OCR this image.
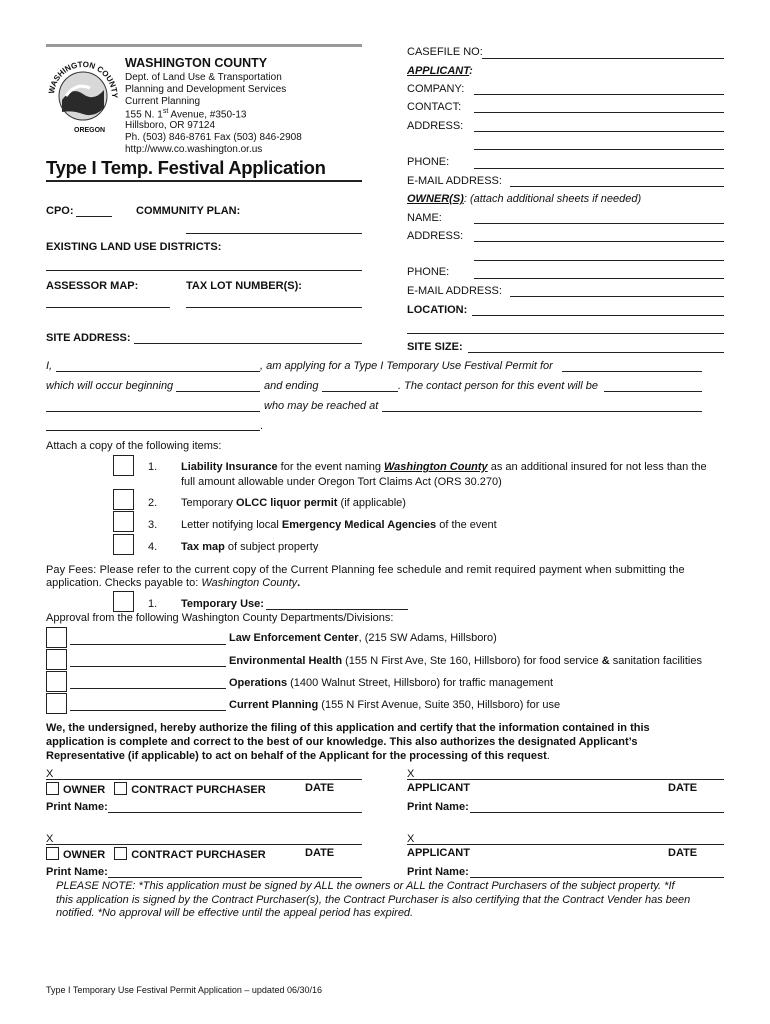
WASHINGTON COUNTY
OREGON
WASHINGTON COUNTY
Dept. of Land Use & Transportation
Planning and Development Services
Current Planning
155 N. 1st Avenue, #350-13
Hillsboro, OR 97124
Ph. (503) 846-8761 Fax (503) 846-2908
http://www.co.washington.or.us
Type I Temp. Festival Application
CPO:	COMMUNITY PLAN:
EXISTING LAND USE DISTRICTS:
ASSESSOR MAP:	TAX LOT NUMBER(S):
SITE ADDRESS:
CASEFILE NO:
APPLICANT:
COMPANY:
CONTACT:
ADDRESS:
PHONE:
E-MAIL ADDRESS:
OWNER(S): (attach additional sheets if needed)
NAME:
ADDRESS:
PHONE:
E-MAIL ADDRESS:
LOCATION:
SITE SIZE:
I,	, am applying for a Type I Temporary Use Festival Permit for
which will occur beginning	and ending	. The contact person for this event will be
who may be reached at
.
Attach a copy of the following items:
1. Liability Insurance for the event naming Washington County as an additional insured for not less than the
full amount allowable under Oregon Tort Claims Act (ORS 30.270)
2. Temporary OLCC liquor permit (if applicable)
3. Letter notifying local Emergency Medical Agencies of the event
4. Tax map of subject property
Pay Fees: Please refer to the current copy of the Current Planning fee schedule and remit required payment when submitting the
application. Checks payable to: Washington County.
1. Temporary Use:
Approval from the following Washington County Departments/Divisions:
Law Enforcement Center, (215 SW Adams, Hillsboro)
Environmental Health (155 N First Ave, Ste 160, Hillsboro) for food service & sanitation facilities
Operations (1400 Walnut Street, Hillsboro) for traffic management
Current Planning (155 N First Avenue, Suite 350, Hillsboro) for use
We, the undersigned, hereby authorize the filing of this application and certify that the information contained in this
application is complete and correct to the best of our knowledge. This also authorizes the designated Applicant’s
Representative (if applicable) to act on behalf of the Applicant for the processing of this request.
X
OWNER CONTRACT PURCHASER	DATE
Print Name:
X
APPLICANT	DATE
Print Name:
X
OWNER CONTRACT PURCHASER	DATE
Print Name:
X
APPLICANT	DATE
Print Name:
PLEASE NOTE: *This application must be signed by ALL the owners or ALL the Contract Purchasers of the subject property. *If
this application is signed by the Contract Purchaser(s), the Contract Purchaser is also certifying that the Contract Vender has been
notified. *No approval will be effective until the appeal period has expired.
Type I Temporary Use Festival Permit Application – updated 06/30/16
